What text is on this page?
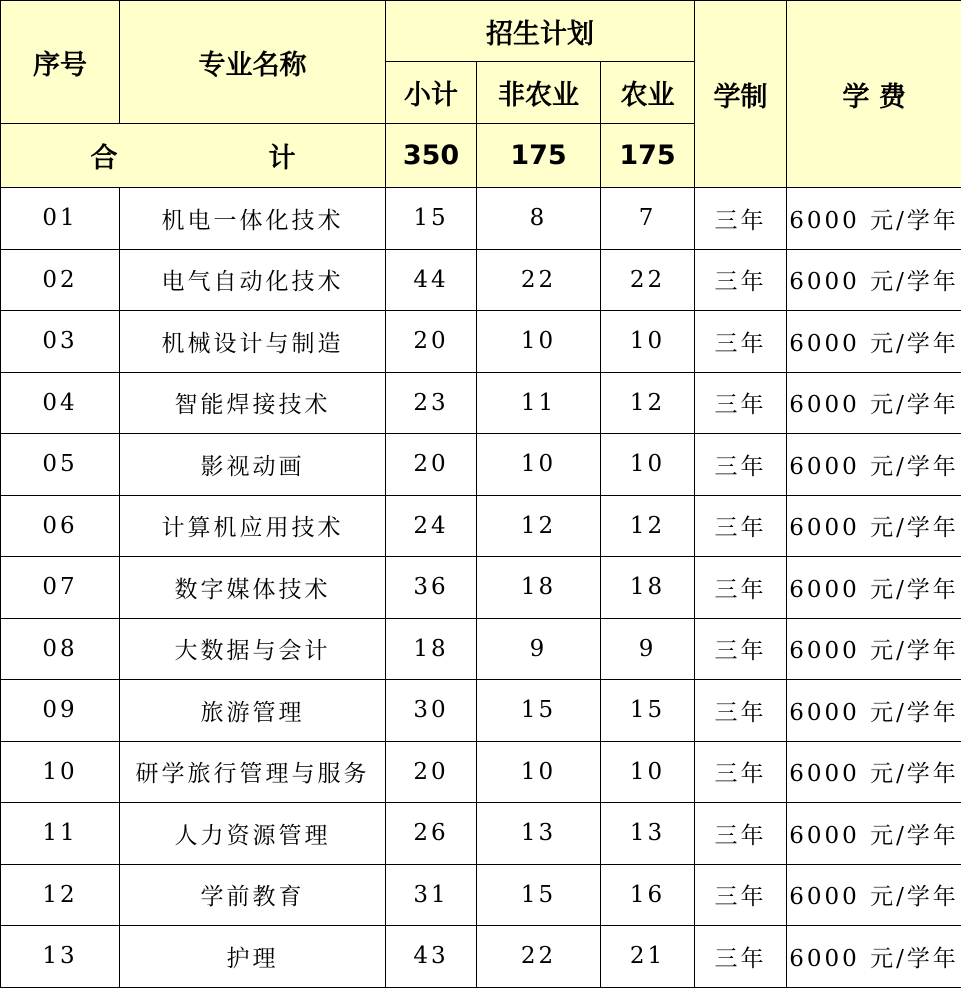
序号	专业名称	招生计划			学制	学 费
		小计	非农业	农业		
合 计		350	175	175		
01	机电一体化技术	15	8	7	三年	6000 元/学年
02	电气自动化技术	44	22	22	三年	6000 元/学年
03	机械设计与制造	20	10	10	三年	6000 元/学年
04	智能焊接技术	23	11	12	三年	6000 元/学年
05	影视动画	20	10	10	三年	6000 元/学年
06	计算机应用技术	24	12	12	三年	6000 元/学年
07	数字媒体技术	36	18	18	三年	6000 元/学年
08	大数据与会计	18	9	9	三年	6000 元/学年
09	旅游管理	30	15	15	三年	6000 元/学年
10	研学旅行管理与服务	20	10	10	三年	6000 元/学年
11	人力资源管理	26	13	13	三年	6000 元/学年
12	学前教育	31	15	16	三年	6000 元/学年
13	护理	43	22	21	三年	6000 元/学年
